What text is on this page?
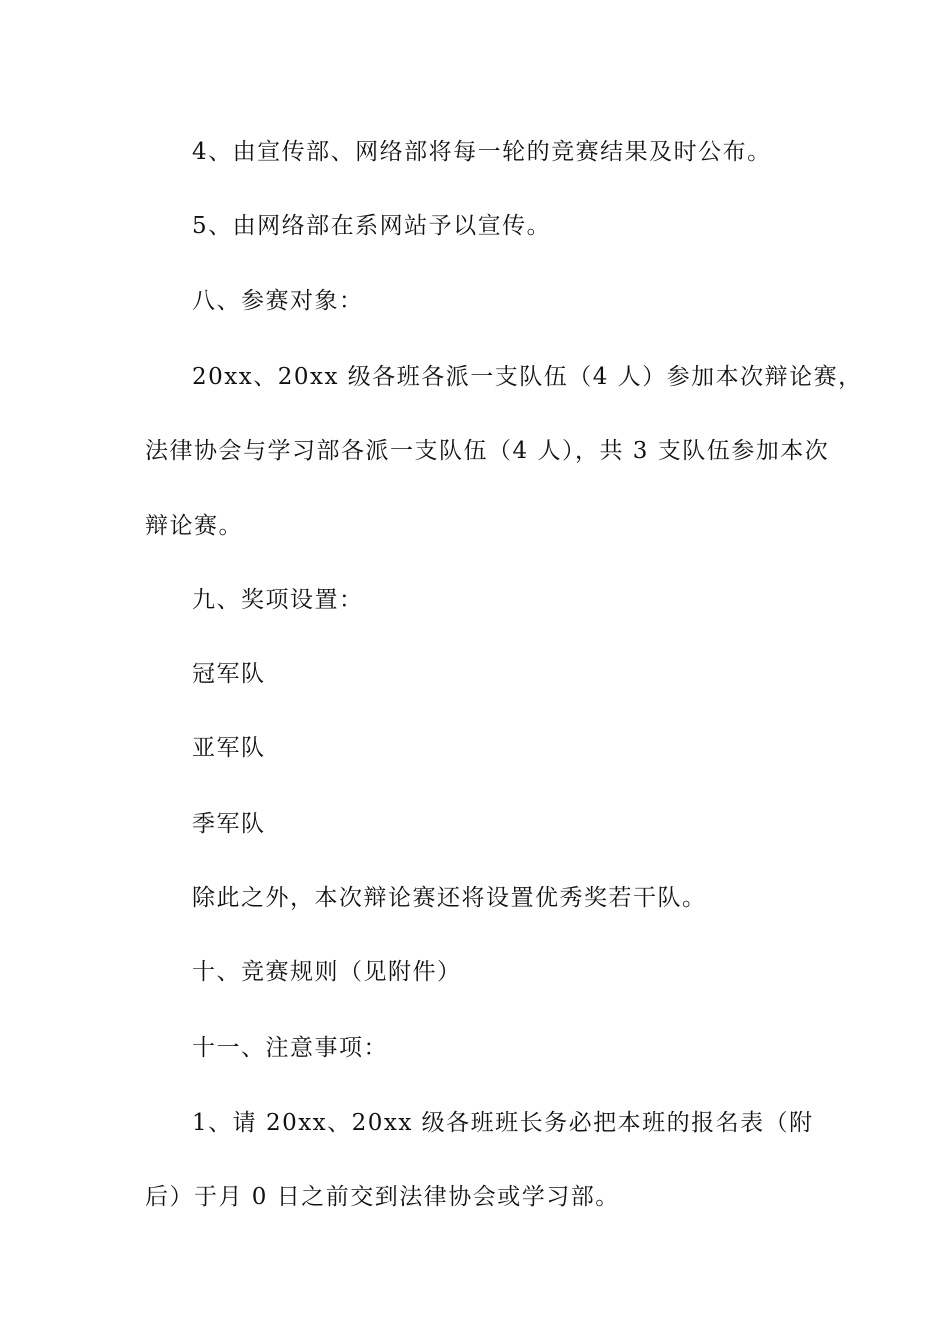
4、由宣传部、网络部将每一轮的竞赛结果及时公布。
5、由网络部在系网站予以宣传。
八、参赛对象：
20xx、20xx 级各班各派一支队伍（4 人）参加本次辩论赛，
法律协会与学习部各派一支队伍（4 人），共 3 支队伍参加本次
辩论赛。
九、奖项设置：
冠军队
亚军队
季军队
除此之外，本次辩论赛还将设置优秀奖若干队。
十、竞赛规则（见附件）
十一、注意事项：
1、请 20xx、20xx 级各班班长务必把本班的报名表（附
后）于月 0 日之前交到法律协会或学习部。
